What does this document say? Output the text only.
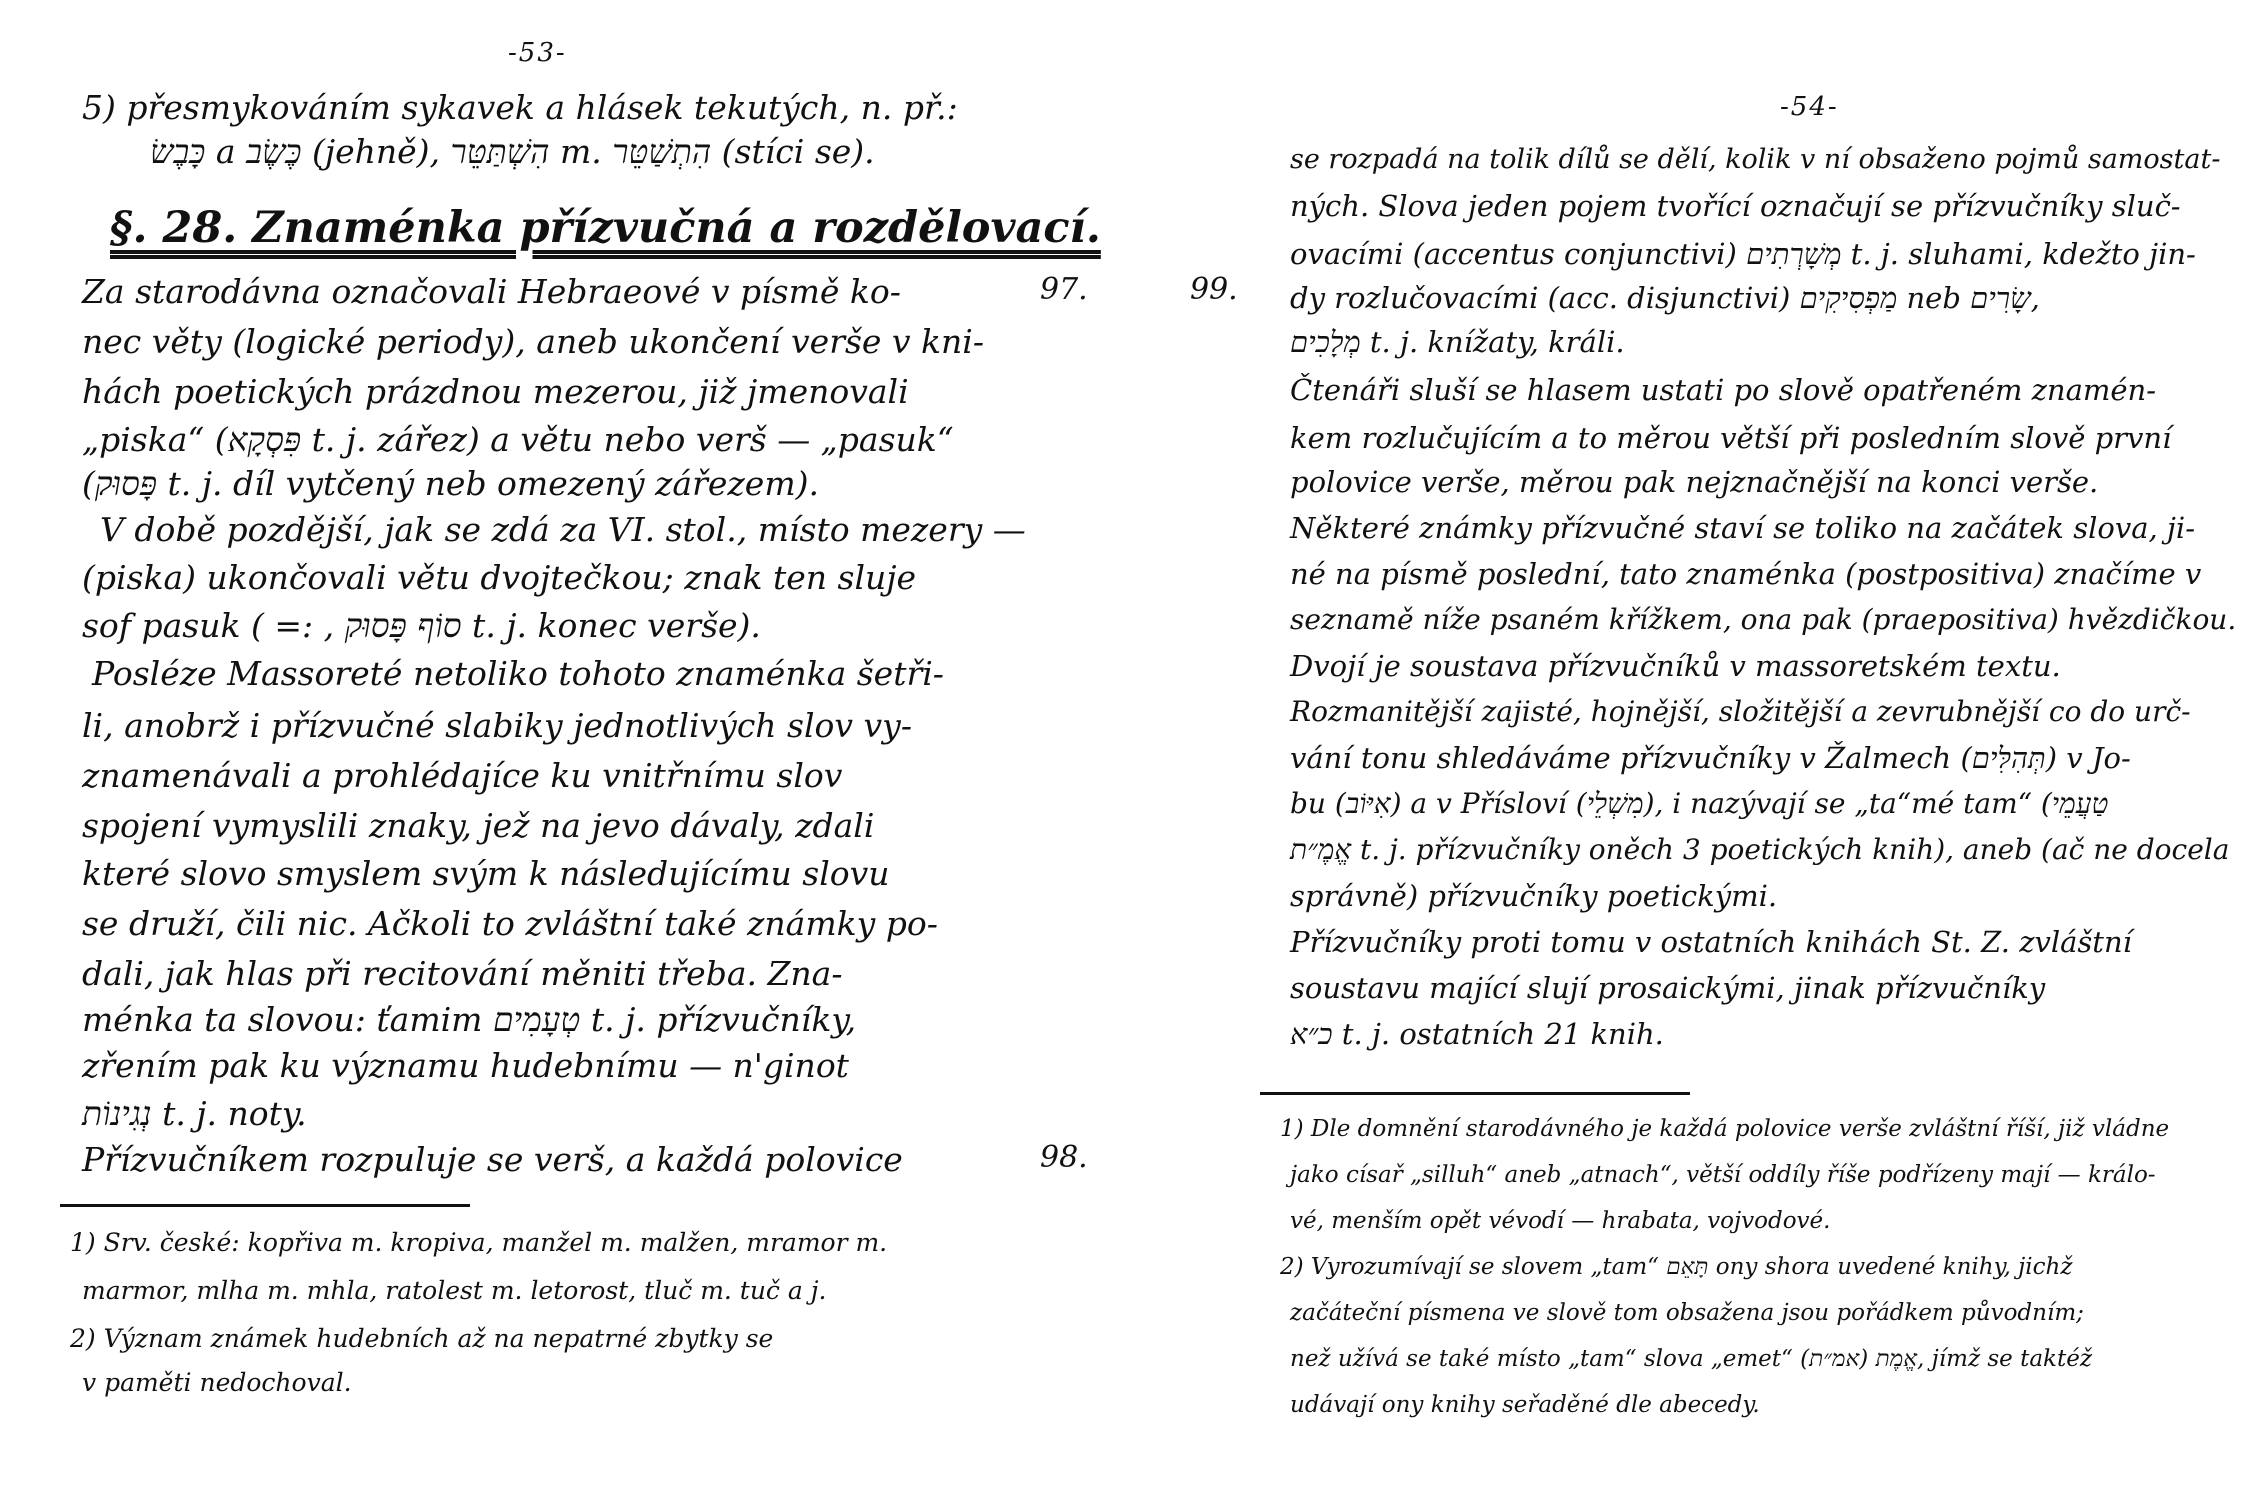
-53-
5) přesmykováním sykavek a hlásek tekutých, n. př.:
כָּבֶשׂ a כֶּשֶׂב (jehně), הִשְׁתַּטֵּר m. הִתְשַׁטֵּר (stíci se).
§. 28. Znaménka přízvučná a rozdělovací.
Za starodávna označovali Hebraeové v písmě ko-
nec věty (logické periody), aneb ukončení verše v kni-
hách poetických prázdnou mezerou, již jmenovali
„piska“ (פִּסְקָא t. j. zářez) a větu nebo verš — „pasuk“
(פָּסוּק t. j. díl vytčený neb omezený zářezem).
V době pozdější, jak se zdá za VI. stol., místo mezery —
(piska) ukončovali větu dvojtečkou; znak ten sluje
sof pasuk ( =: , סוֹף פָּסוּק t. j. konec verše).
Posléze Massoreté netoliko tohoto znaménka šetři-
li, anobrž i přízvučné slabiky jednotlivých slov vy-
znamenávali a prohlédajíce ku vnitřnímu slov
spojení vymyslili znaky, jež na jevo dávaly, zdali
které slovo smyslem svým k následujícímu slovu
se druží, čili nic. Ačkoli to zvláštní také známky po-
dali, jak hlas při recitování měniti třeba. Zna-
ménka ta slovou: ťamim טְעָמִים t. j. přízvučníky,
zřením pak ku významu hudebnímu — n'ginot
נְגִינוֹת t. j. noty.
Přízvučníkem rozpuluje se verš, a každá polovice
97.
98.
1) Srv. české: kopřiva m. kropiva, manžel m. malžen, mramor m.
marmor, mlha m. mhla, ratolest m. letorost, tluč m. tuč a j.
2) Význam známek hudebních až na nepatrné zbytky se
v paměti nedochoval.
-54-
se rozpadá na tolik dílů se dělí, kolik v ní obsaženo pojmů samostat-
ných. Slova jeden pojem tvořící označují se přízvučníky sluč-
ovacími (accentus conjunctivi) מְשָׁרְתִים t. j. sluhami, kdežto jin-
dy rozlučovacími (acc. disjunctivi) מַפְסִיקִים neb שָׂרִים,
מְלָכִים t. j. knížaty, králi.
Čtenáři sluší se hlasem ustati po slově opatřeném znamén-
kem rozlučujícím a to měrou větší při posledním slově první
polovice verše, měrou pak nejznačnější na konci verše.
Některé známky přízvučné staví se toliko na začátek slova, ji-
né na písmě poslední, tato znaménka (postpositiva) značíme v
seznamě níže psaném křížkem, ona pak (praepositiva) hvězdičkou.
Dvojí je soustava přízvučníků v massoretském textu.
Rozmanitější zajisté, hojnější, složitější a zevrubnější co do urč-
vání tonu shledáváme přízvučníky v Žalmech (תְּהִלִּים) v Jo-
bu (אִיּוֹב) a v Přísloví (מִשְׁלֵי), i nazývají se „ta“mé tam“ (טַעֲמֵי
אֱמֶ״ת t. j. přízvučníky oněch 3 poetických knih), aneb (ač ne docela
správně) přízvučníky poetickými.
Přízvučníky proti tomu v ostatních knihách St. Z. zvláštní
soustavu mající slují prosaickými, jinak přízvučníky
כ״א t. j. ostatních 21 knih.
99.
1) Dle domnění starodávného je každá polovice verše zvláštní říší, již vládne
jako císař „silluh“ aneb „atnach“, větší oddíly říše podřízeny mají — králo-
vé, menším opět vévodí — hrabata, vojvodové.
2) Vyrozumívají se slovem „tam“ תָּאֵם ony shora uvedené knihy, jichž
začáteční písmena ve slově tom obsažena jsou pořádkem původním;
než užívá se také místo „tam“ slova „emet“ אֱמֶת (אמ״ת), jímž se taktéž
udávají ony knihy seřaděné dle abecedy.
